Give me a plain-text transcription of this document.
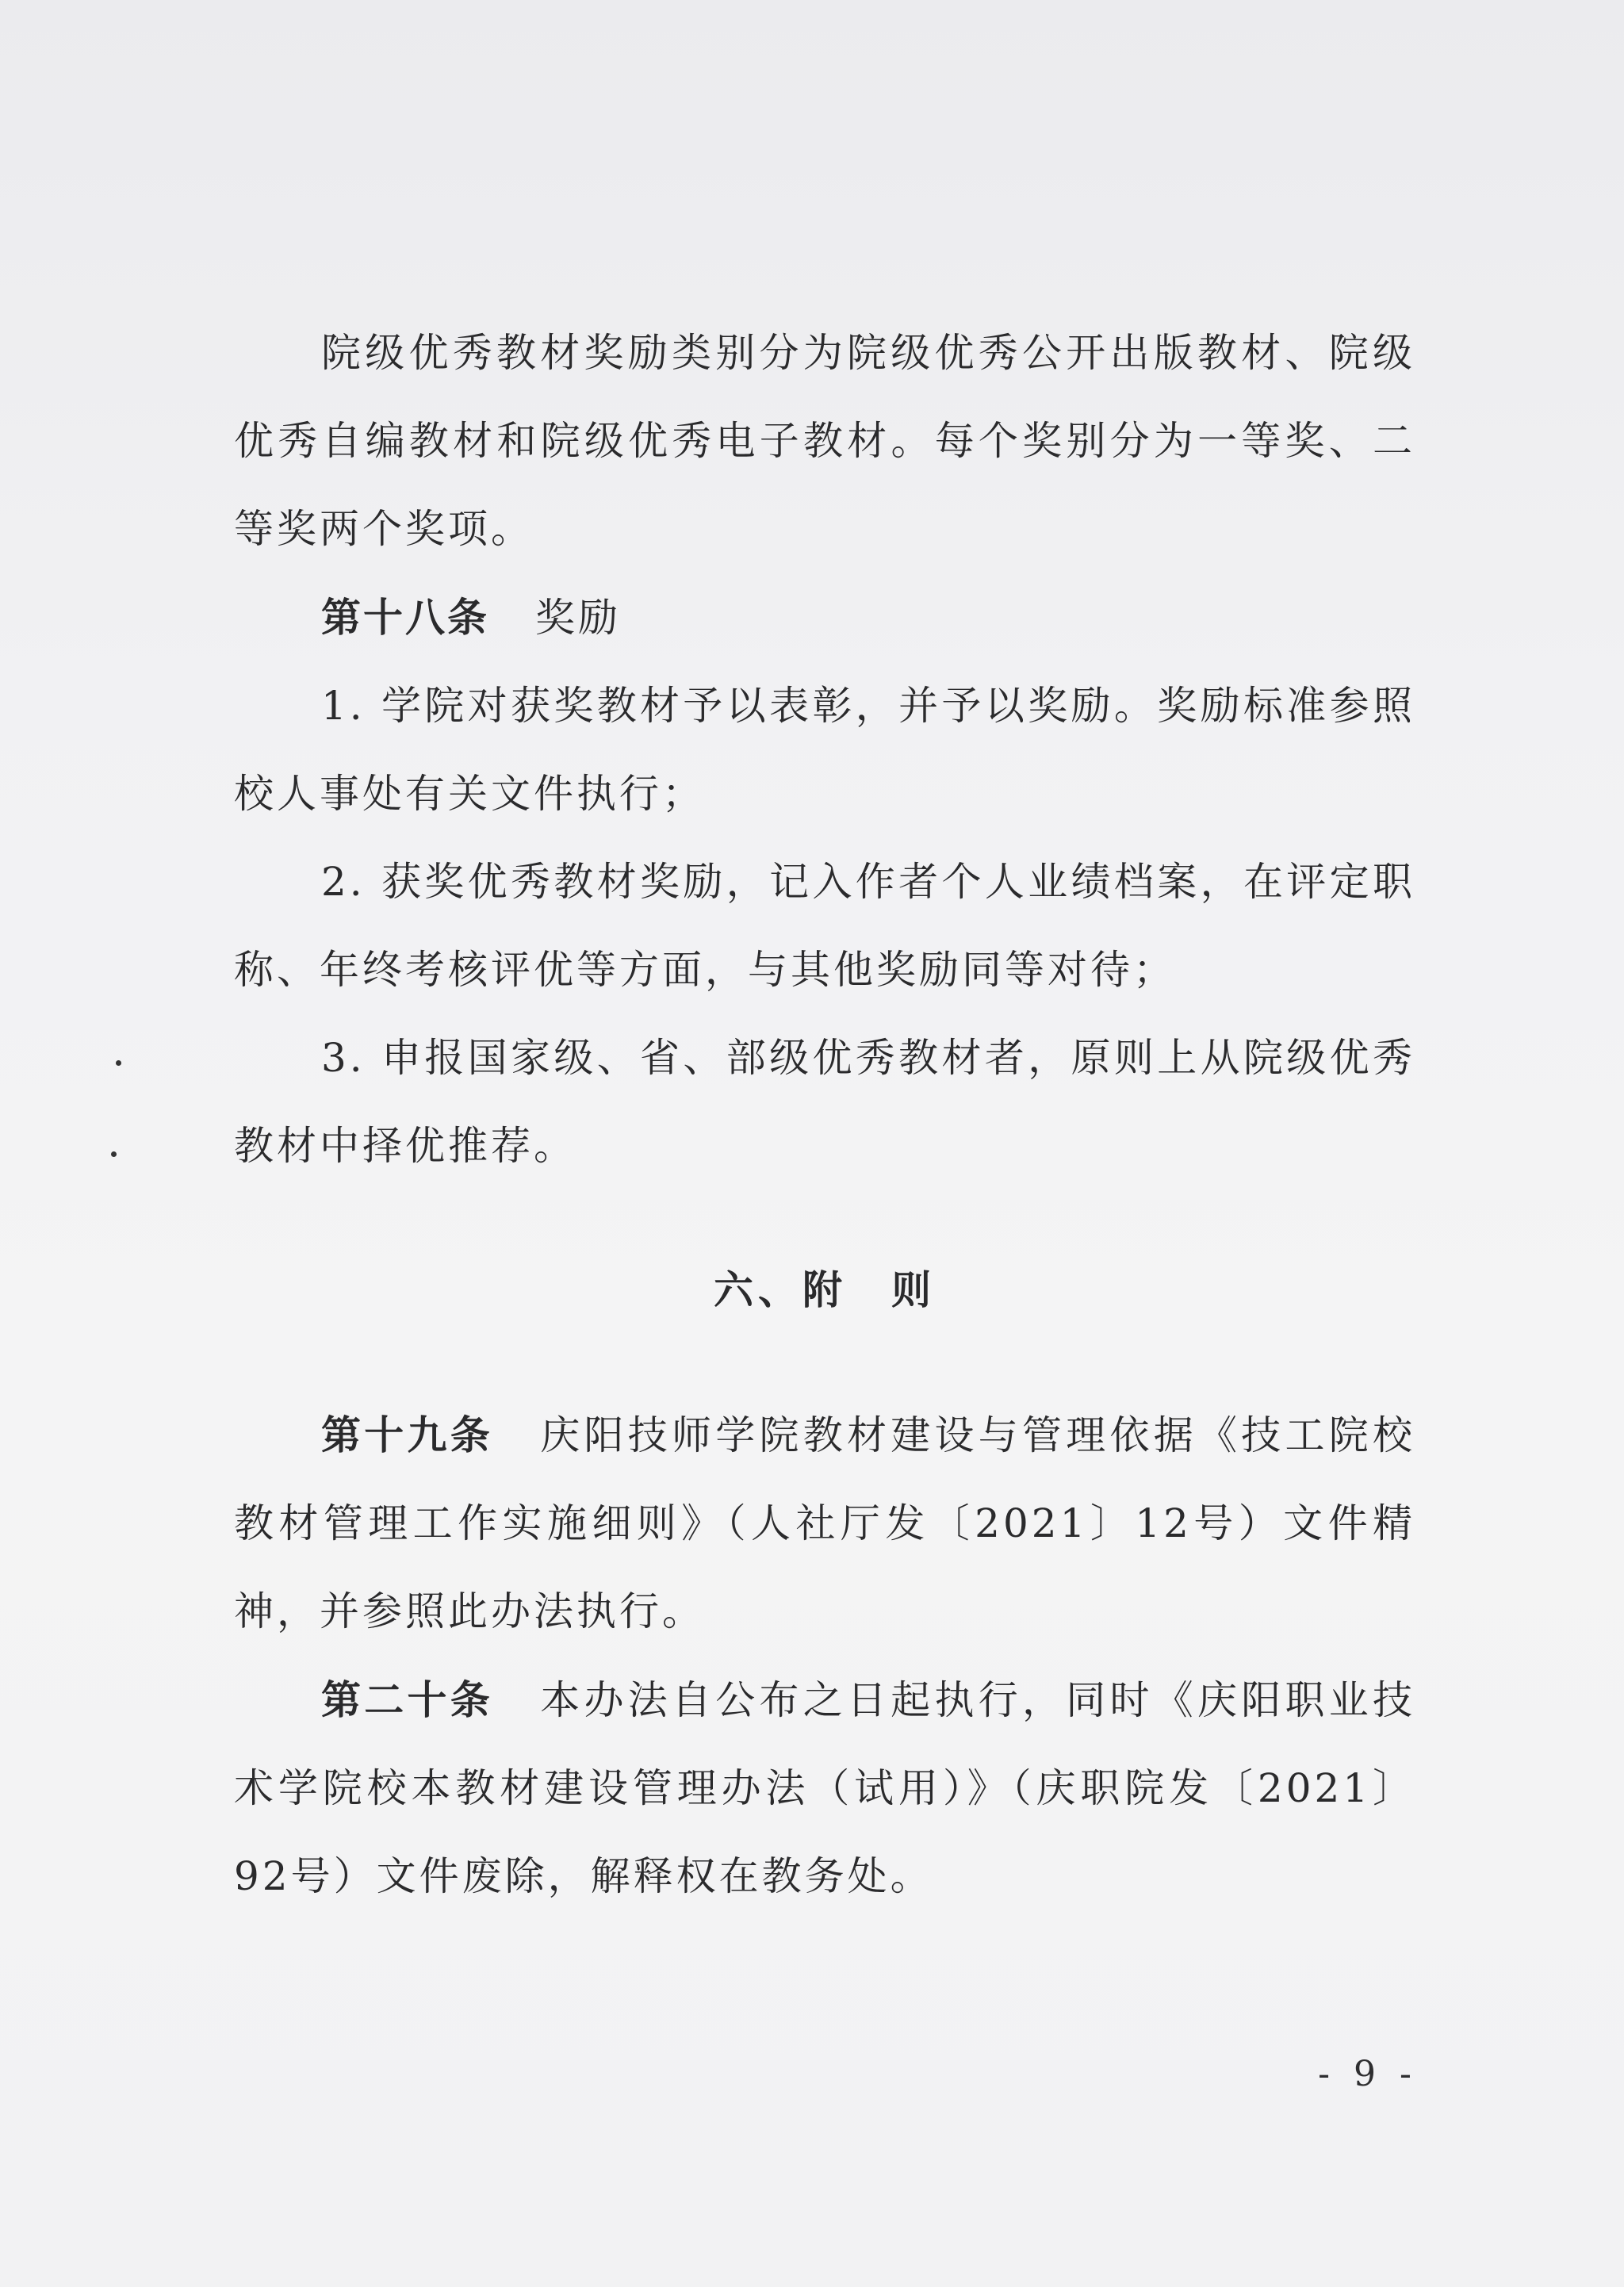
院级优秀教材奖励类别分为院级优秀公开出版教材、院级优秀自编教材和院级优秀电子教材。每个奖别分为一等奖、二等奖两个奖项。

第十八条 奖励

1. 学院对获奖教材予以表彰，并予以奖励。奖励标准参照校人事处有关文件执行；

2. 获奖优秀教材奖励，记入作者个人业绩档案，在评定职称、年终考核评优等方面，与其他奖励同等对待；

3. 申报国家级、省、部级优秀教材者，原则上从院级优秀教材中择优推荐。

六、附　则

第十九条 庆阳技师学院教材建设与管理依据《技工院校教材管理工作实施细则》（人社厅发〔2021〕12号）文件精神，并参照此办法执行。

第二十条 本办法自公布之日起执行，同时《庆阳职业技术学院校本教材建设管理办法（试用）》（庆职院发〔2021〕92号）文件废除，解释权在教务处。

- 9 -
